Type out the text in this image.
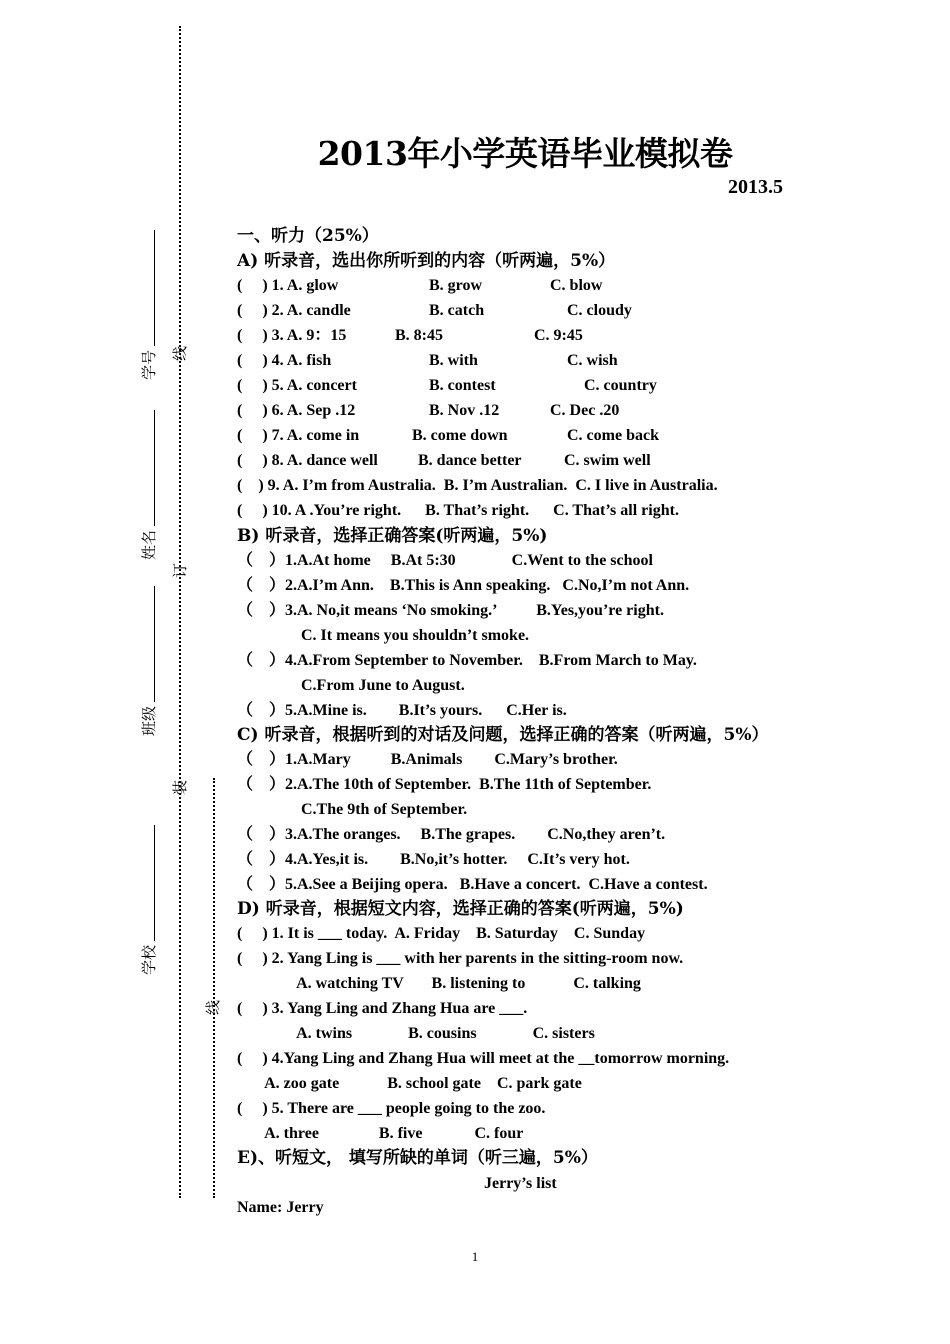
学号
姓名
班级
学校
线
订
装
线
2013年小学英语毕业模拟卷
2013.5
一、听力（25%）
A) 听录音，选出你所听到的内容（听两遍，5%）

(     ) 1. A. glow

	B. grow

	C. blow

(     ) 2. A. candle

	B. catch

	C. cloudy

(     ) 3. A. 9：15

	B. 8:45

	C. 9:45

(     ) 4. A. fish

	B. with

	C. wish

(     ) 5. A. concert

	B. contest

	C. country

(     ) 6. A. Sep .12

	B. Nov .12

	C. Dec .20

(     ) 7. A. come in

	B. come down

	C. come back

(     ) 8. A. dance well

	B. dance better

	C. swim well

(    ) 9. A. I’m from Australia.  B. I’m Australian.  C. I live in Australia.

(     ) 10. A .You’re right.      B. That’s right.      C. That’s all right.

B) 听录音，选择正确答案(听两遍，5%)
（    ）1.A.At home     B.At 5:30              C.Went to the school
（    ）2.A.I’m Ann.    B.This is Ann speaking.   C.No,I’m not Ann.
（    ）3.A. No,it means ‘No smoking.’          B.Yes,you’re right.
C. It means you shouldn’t smoke.
（    ）4.A.From September to November.    B.From March to May.
C.From June to August.
（    ）5.A.Mine is.        B.It’s yours.      C.Her is.
C) 听录音，根据听到的对话及问题，选择正确的答案（听两遍，5%）
（    ）1.A.Mary          B.Animals        C.Mary’s brother.
（    ）2.A.The 10th of September.  B.The 11th of September.
C.The 9th of September.
（    ）3.A.The oranges.     B.The grapes.        C.No,they aren’t.
（    ）4.A.Yes,it is.        B.No,it’s hotter.     C.It’s very hot.
（    ）5.A.See a Beijing opera.   B.Have a concert.  C.Have a contest.
D) 听录音，根据短文内容，选择正确的答案(听两遍，5%)
(     ) 1. It is ___ today.  A. Friday    B. Saturday    C. Sunday
(     ) 2. Yang Ling is ___ with her parents in the sitting-room now.
A. watching TV       B. listening to            C. talking
(     ) 3. Yang Ling and Zhang Hua are ___.
A. twins              B. cousins              C. sisters
(     ) 4.Yang Ling and Zhang Hua will meet at the __tomorrow morning.
A. zoo gate            B. school gate    C. park gate
(     ) 5. There are ___ people going to the zoo.
A. three               B. five             C. four
E)、听短文， 填写所缺的单词（听三遍，5%）
Jerry’s list
Name: Jerry
1
